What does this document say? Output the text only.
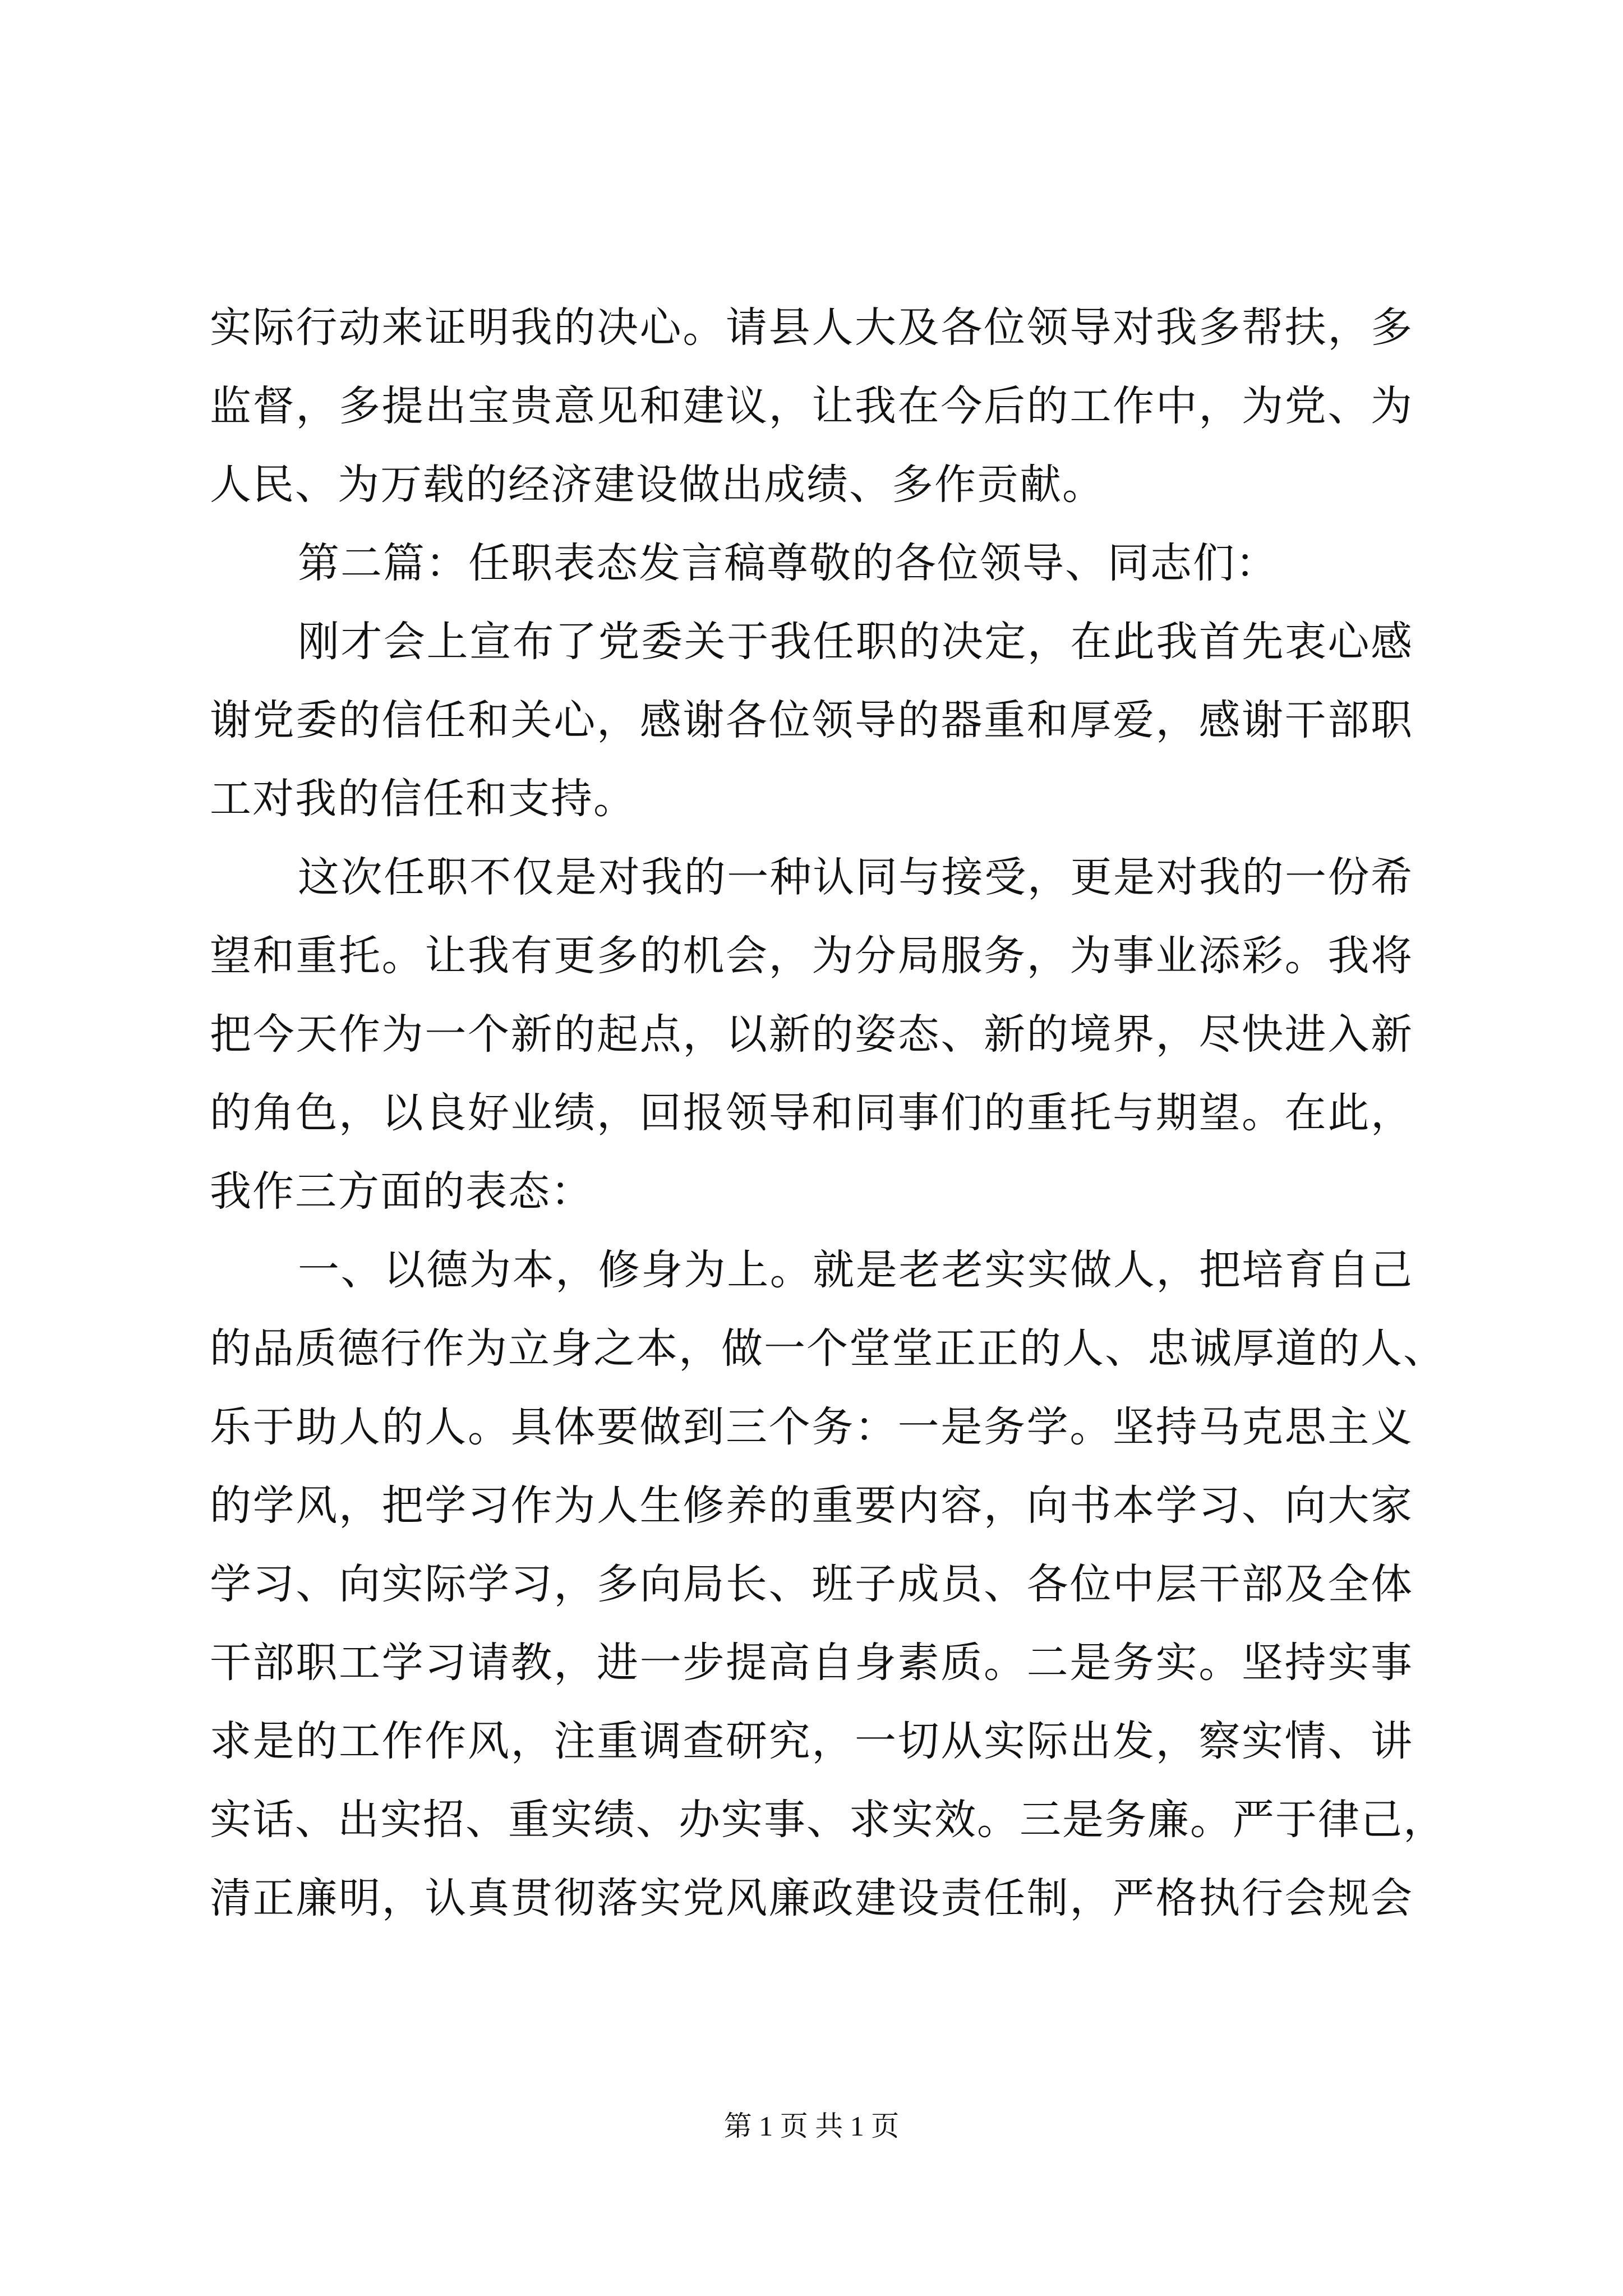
实际行动来证明我的决心。请县人大及各位领导对我多帮扶，多
监督，多提出宝贵意见和建议，让我在今后的工作中，为党、为
人民、为万载的经济建设做出成绩、多作贡献。
第二篇：任职表态发言稿尊敬的各位领导、同志们：
刚才会上宣布了党委关于我任职的决定，在此我首先衷心感
谢党委的信任和关心，感谢各位领导的器重和厚爱，感谢干部职
工对我的信任和支持。
这次任职不仅是对我的一种认同与接受，更是对我的一份希
望和重托。让我有更多的机会，为分局服务，为事业添彩。我将
把今天作为一个新的起点，以新的姿态、新的境界，尽快进入新
的角色，以良好业绩，回报领导和同事们的重托与期望。在此，
我作三方面的表态：
一、以德为本，修身为上。就是老老实实做人，把培育自己
的品质德行作为立身之本，做一个堂堂正正的人、忠诚厚道的人、
乐于助人的人。具体要做到三个务：一是务学。坚持马克思主义
的学风，把学习作为人生修养的重要内容，向书本学习、向大家
学习、向实际学习，多向局长、班子成员、各位中层干部及全体
干部职工学习请教，进一步提高自身素质。二是务实。坚持实事
求是的工作作风，注重调查研究，一切从实际出发，察实情、讲
实话、出实招、重实绩、办实事、求实效。三是务廉。严于律己，
清正廉明，认真贯彻落实党风廉政建设责任制，严格执行会规会
第 1 页 共 1 页
